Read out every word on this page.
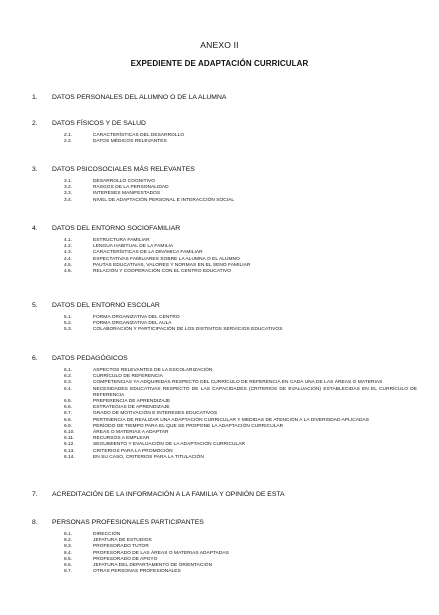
ANEXO II
EXPEDIENTE DE ADAPTACIÓN CURRICULAR
1.	DATOS PERSONALES DEL ALUMNO O DE LA ALUMNA
2.	DATOS FÍSICOS Y DE SALUD
2.1.	CARACTERÍSTICAS DEL DESARROLLO
2.2.	DATOS MÉDICOS RELEVANTES
3.	DATOS PSICOSOCIALES MÁS RELEVANTES
3.1.	DESARROLLO COGNITIVO
3.2.	RASGOS DE LA PERSONALIDAD
3.3.	INTERESES MANIFESTADOS
3.4.	NIVEL DE ADAPTACIÓN PERSONAL E INTERACCIÓN SOCIAL
4.	DATOS DEL ENTORNO SOCIOFAMILIAR
4.1.	ESTRUCTURA FAMILIAR
4.2.	LENGUA HABITUAL DE LA FAMILIA
4.3.	CARACTERÍSTICAS DE LA DINÁMICA FAMILIAR
4.4.	EXPECTATIVAS FAMILIARES SOBRE LA ALUMNA O EL ALUMNO
4.5.	PAUTAS EDUCATIVAS, VALORES Y NORMAS EN EL SENO FAMILIAR
4.6.	RELACIÓN Y COOPERACIÓN CON EL CENTRO EDUCATIVO
5.	DATOS DEL ENTORNO ESCOLAR
5.1.	FORMA ORGANIZATIVA DEL CENTRO
5.2.	FORMA ORGANIZATIVA DEL AULA
5.3.	COLABORACIÓN Y PARTICIPACIÓN DE LOS DISTINTOS SERVICIOS EDUCATIVOS
6.	DATOS PEDAGÓGICOS
6.1.	ASPECTOS RELEVANTES DE LA ESCOLARIZACIÓN
6.2.	CURRÍCULO DE REFERENCIA
6.3.	COMPETENCIAS YA ADQUIRIDAS RESPECTO DEL CURRÍCULO DE REFERENCIA EN CADA UNA DE LAS ÁREAS O MATERIAS
6.4.	NECESIDADES EDUCATIVAS RESPECTO DE LAS CAPACIDADES (CRITERIOS DE EVALUACIÓN) ESTABLECIDAS EN EL CURRÍCULO DE REFERENCIA
6.5.	PREFERENCIA DE APRENDIZAJE
6.6.	ESTRATEGIAS DE APRENDIZAJE
6.7.	GRADO DE MOTIVACIÓN E INTERESES EDUCATIVOS
6.8.	PERTINENCIA DE REALIZAR UNA ADAPTACIÓN CURRICULAR Y MEDIDAS DE ATENCIÓN A LA DIVERSIDAD APLICADAS
6.9.	PERÍODO DE TIEMPO PARA EL QUE SE PROPONE LA ADAPTACIÓN CURRICULAR
6.10.	ÁREAS O MATERIAS A ADAPTAR
6.11.	RECURSOS A EMPLEAR
6.12.	SEGUIMIENTO Y EVALUACIÓN DE LA ADAPTACIÓN CURRICULAR
6.13.	CRITERIOS PARA LA PROMOCIÓN
6.14.	EN SU CASO, CRITERIOS PARA LA TITULACIÓN
7.	ACREDITACIÓN DE LA INFORMACIÓN A LA FAMILIA Y OPINIÓN DE ESTA
8.	PERSONAS PROFESIONALES PARTICIPANTES
8.1.	DIRECCIÓN
8.2.	JEFATURA DE ESTUDIOS
8.3.	PROFESORADO TUTOR
8.4.	PROFESORADO DE LAS ÁREAS O MATERIAS ADAPTADAS
8.5.	PROFESORADO DE APOYO
8.6.	JEFATURA DEL DEPARTAMENTO DE ORIENTACIÓN
8.7.	OTRAS PERSONAS PROFESIONALES
